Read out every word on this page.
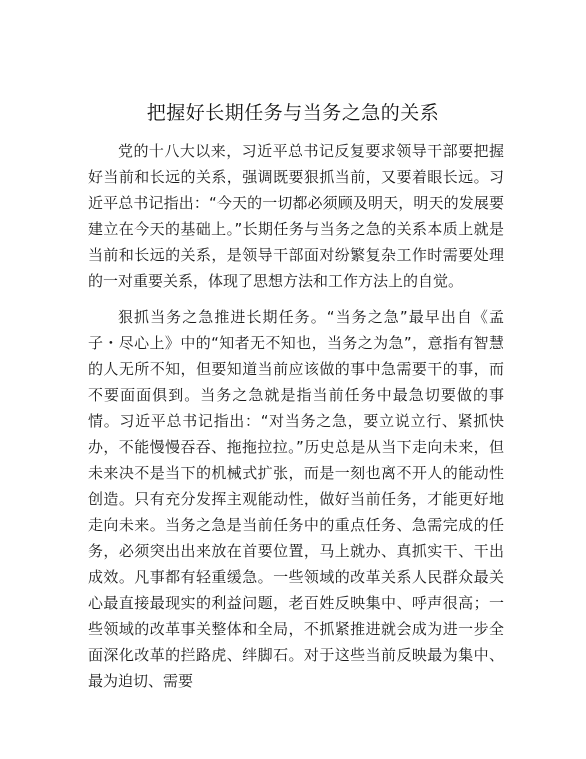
把握好长期任务与当务之急的关系

党的十八大以来，习近平总书记反复要求领导干部要把握好当前和长远的关系，强调既要狠抓当前，又要着眼长远。习近平总书记指出：“今天的一切都必须顾及明天，明天的发展要建立在今天的基础上。”长期任务与当务之急的关系本质上就是当前和长远的关系，是领导干部面对纷繁复杂工作时需要处理的一对重要关系，体现了思想方法和工作方法上的自觉。

狠抓当务之急推进长期任务。“当务之急”最早出自《孟子・尽心上》中的“知者无不知也，当务之为急”，意指有智慧的人无所不知，但要知道当前应该做的事中急需要干的事，而不要面面俱到。当务之急就是指当前任务中最急切要做的事情。习近平总书记指出：“对当务之急，要立说立行、紧抓快办，不能慢慢吞吞、拖拖拉拉。”历史总是从当下走向未来，但未来决不是当下的机械式扩张，而是一刻也离不开人的能动性创造。只有充分发挥主观能动性，做好当前任务，才能更好地走向未来。当务之急是当前任务中的重点任务、急需完成的任务，必须突出出来放在首要位置，马上就办、真抓实干、干出成效。凡事都有轻重缓急。一些领域的改革关系人民群众最关心最直接最现实的利益问题，老百姓反映集中、呼声很高；一些领域的改革事关整体和全局，不抓紧推进就会成为进一步全面深化改革的拦路虎、绊脚石。对于这些当前反映最为集中、最为迫切、需要
